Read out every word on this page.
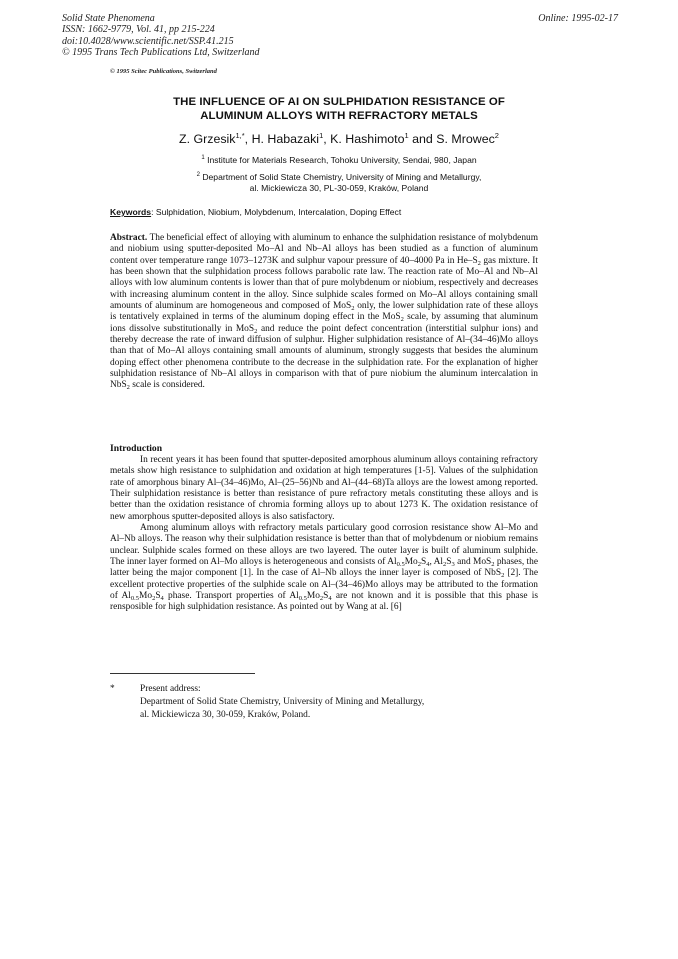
Solid State Phenomena
ISSN: 1662-9779, Vol. 41, pp 215-224
doi:10.4028/www.scientific.net/SSP.41.215
© 1995 Trans Tech Publications Ltd, Switzerland
Online: 1995-02-17
© 1995 Scitec Publications, Switzerland
THE INFLUENCE OF AI ON SULPHIDATION RESISTANCE OF
ALUMINUM ALLOYS WITH REFRACTORY METALS
Z. Grzesik$^{1,*}$, H. Habazaki$^1$, K. Hashimoto$^1$ and S. Mrowec$^2$
$^1$ Institute for Materials Research, Tohoku University, Sendai, 980, Japan
$^2$ Department of Solid State Chemistry, University of Mining and Metallurgy,
al. Mickiewicza 30, PL-30-059, Kraków, Poland
Keywords: Sulphidation, Niobium, Molybdenum, Intercalation, Doping Effect
Abstract. The beneficial effect of alloying with aluminum to enhance the sulphidation resistance of molybdenum and niobium using sputter-deposited Mo–Al and Nb–Al alloys has been studied as a function of aluminum content over temperature range 1073–1273K and sulphur vapour pressure of 40–4000 Pa in $He-S_2$ gas mixture. It has been shown that the sulphidation process follows parabolic rate law. The reaction rate of Mo–Al and Nb–Al alloys with low aluminum contents is lower than that of pure molybdenum or niobium, respectively and decreases with increasing aluminum content in the alloy. Since sulphide scales formed on Mo–Al alloys containing small amounts of aluminum are homogeneous and composed of MoS$_2$ only, the lower sulphidation rate of these alloys is tentatively explained in terms of the aluminum doping effect in the MoS$_2$ scale, by assuming that aluminum ions dissolve substitutionally in MoS$_2$ and reduce the point defect concentration (interstitial sulphur ions) and thereby decrease the rate of inward diffusion of sulphur. Higher sulphidation resistance of Al–(34–46)Mo alloys than that of Mo–Al alloys containing small amounts of aluminum, strongly suggests that besides the aluminum doping effect other phenomena contribute to the decrease in the sulphidation rate. For the explanation of higher sulphidation resistance of Nb–Al alloys in comparison with that of pure niobium the aluminum intercalation in NbS$_2$ scale is considered.
Introduction

In recent years it has been found that sputter-deposited amorphous aluminum alloys containing refractory metals show high resistance to sulphidation and oxidation at high temperatures [1-5]. Values of the sulphidation rate of amorphous binary Al–(34–46)Mo, Al–(25–56)Nb and Al–(44–68)Ta alloys are the lowest among reported. Their sulphidation resistance is better than resistance of pure refractory metals constituting these alloys and is better than the oxidation resistance of chromia forming alloys up to about 1273 K. The oxidation resistance of new amorphous sputter-deposited alloys is also satisfactory.

Among aluminum alloys with refractory metals particulary good corrosion resistance show Al–Mo and Al–Nb alloys. The reason why their sulphidation resistance is better than that of molybdenum or niobium remains unclear. Sulphide scales formed on these alloys are two layered. The outer layer is built of aluminum sulphide. The inner layer formed on Al–Mo alloys is heterogeneous and consists of $Al_{0.5}Mo_2S_4$, $Al_2S_3$ and MoS$_2$ phases, the latter being the major component [1]. In the case of Al–Nb alloys the inner layer is composed of NbS$_2$ [2]. The excellent protective properties of the sulphide scale on Al–(34–46)Mo alloys may be attributed to the formation of $Al_{0.5}Mo_2S_4$ phase. Transport properties of $Al_{0.5}Mo_2S_4$ are not known and it is possible that this phase is rensposible for high sulphidation resistance. As pointed out by Wang at al. [6]

*	Present address:
Department of Solid State Chemistry, University of Mining and Metallurgy,
al. Mickiewicza 30, 30-059, Kraków, Poland.
